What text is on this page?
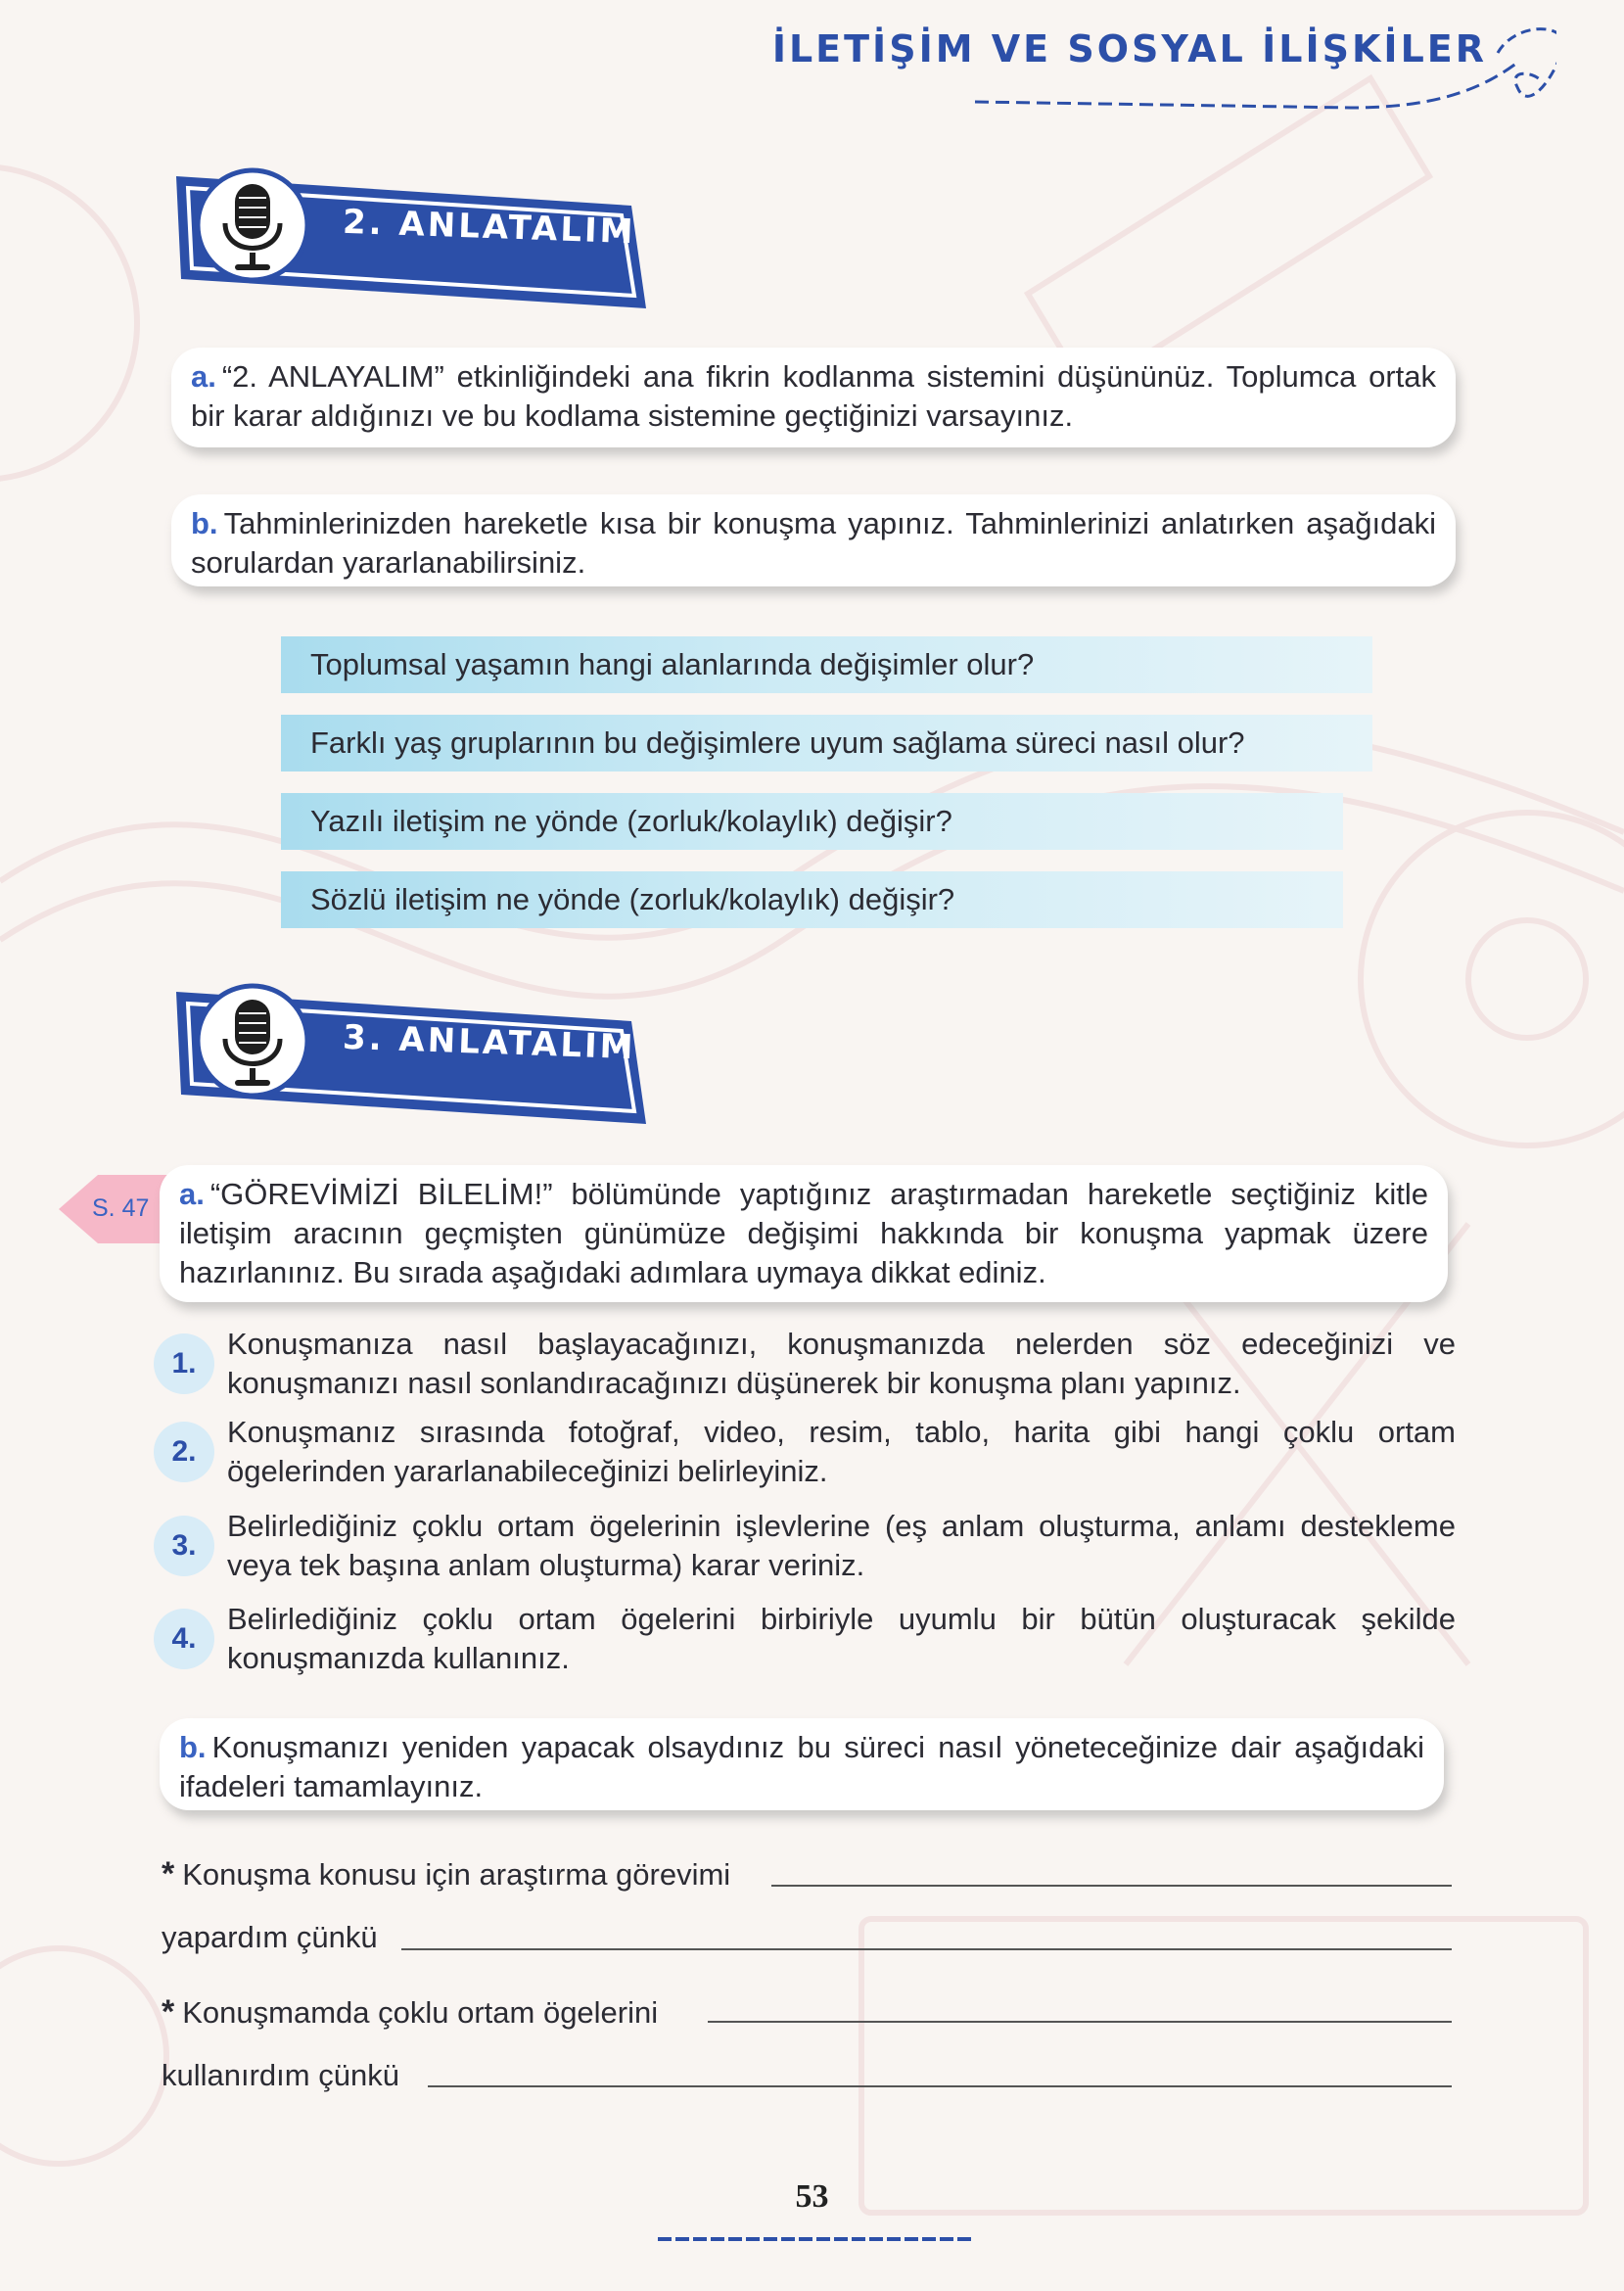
İLETİŞİM VE SOSYAL İLİŞKİLER
2. ANLATALIM
a. “2. ANLAYALIM” etkinliğindeki ana fikrin kodlanma sistemini düşününüz. Toplumca ortak bir karar aldığınızı ve bu kodlama sistemine geçtiğinizi varsayınız.
b. Tahminlerinizden hareketle kısa bir konuşma yapınız. Tahminlerinizi anlatırken aşağıdaki sorulardan yararlanabilirsiniz.
Toplumsal yaşamın hangi alanlarında değişimler olur?
Farklı yaş gruplarının bu değişimlere uyum sağlama süreci nasıl olur?
Yazılı iletişim ne yönde (zorluk/kolaylık) değişir?
Sözlü iletişim ne yönde (zorluk/kolaylık) değişir?
3. ANLATALIM
S. 47 a. “GÖREVİMİZİ BİLELİM!” bölümünde yaptığınız araştırmadan hareketle seçtiğiniz kitle iletişim aracının geçmişten günümüze değişimi hakkında bir konuşma yapmak üzere hazırlanınız. Bu sırada aşağıdaki adımlara uymaya dikkat ediniz.
1.
Konuşmanıza nasıl başlayacağınızı, konuşmanızda nelerden söz edeceğinizi ve konuşmanızı nasıl sonlandıracağınızı düşünerek bir konuşma planı yapınız.
2.
Konuşmanız sırasında fotoğraf, video, resim, tablo, harita gibi hangi çoklu ortam ögelerinden yararlanabileceğinizi belirleyiniz.
3.
Belirlediğiniz çoklu ortam ögelerinin işlevlerine (eş anlam oluşturma, anlamı destekleme veya tek başına anlam oluşturma) karar veriniz.
4.
Belirlediğiniz çoklu ortam ögelerini birbiriyle uyumlu bir bütün oluşturacak şekilde konuşmanızda kullanınız.
b. Konuşmanızı yeniden yapacak olsaydınız bu süreci nasıl yöneteceğinize dair aşağıdaki ifadeleri tamamlayınız.
* Konuşma konusu için araştırma görevimi
yapardım çünkü
* Konuşmamda çoklu ortam ögelerini
kullanırdım çünkü
53
